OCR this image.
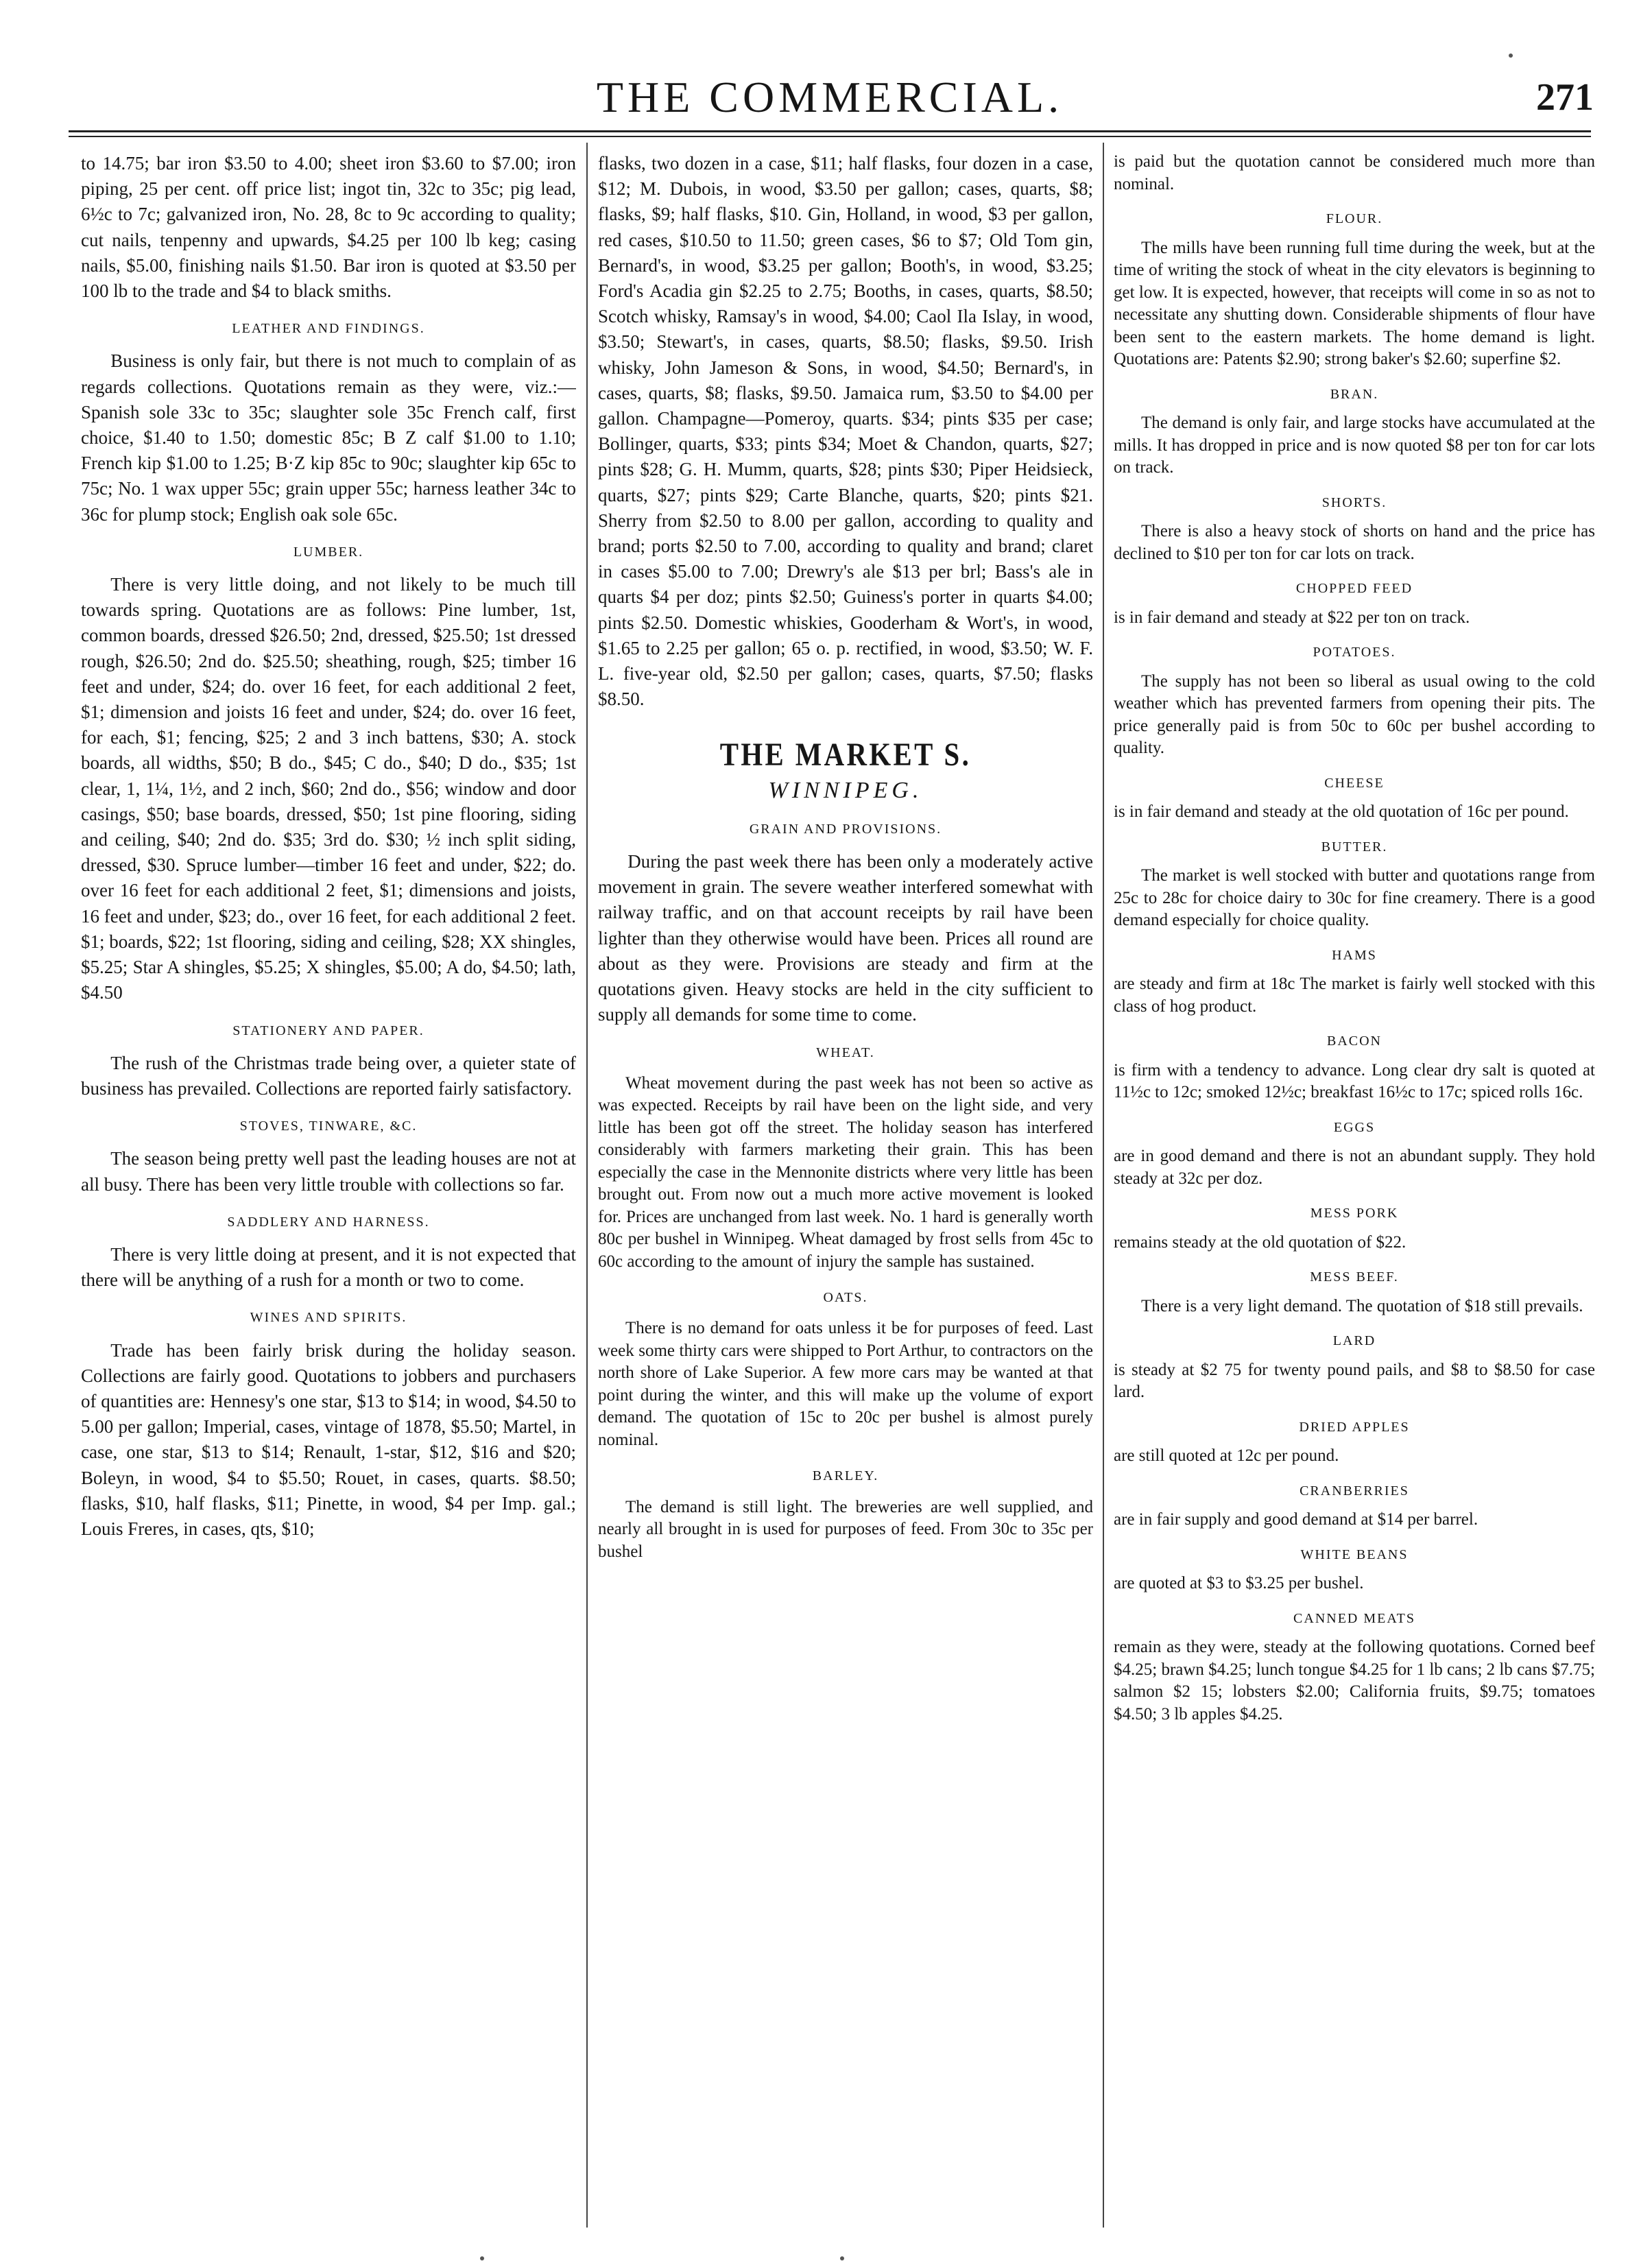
THE COMMERCIAL.	271

to 14.75; bar iron $3.50 to 4.00; sheet iron $3.60 to $7.00; iron piping, 25 per cent. off price list; ingot tin, 32c to 35c; pig lead, 6½c to 7c; galvanized iron, No. 28, 8c to 9c according to quality; cut nails, tenpenny and upwards, $4.25 per 100 lb keg; casing nails, $5.00, finishing nails $1.50. Bar iron is quoted at $3.50 per 100 lb to the trade and $4 to black smiths.

LEATHER AND FINDINGS.

Business is only fair, but there is not much to complain of as regards collections. Quotations remain as they were, viz.:—Spanish sole 33c to 35c; slaughter sole 35c French calf, first choice, $1.40 to 1.50; domestic 85c; B Z calf $1.00 to 1.10; French kip $1.00 to 1.25; B·Z kip 85c to 90c; slaughter kip 65c to 75c; No. 1 wax upper 55c; grain upper 55c; harness leather 34c to 36c for plump stock; English oak sole 65c.

LUMBER.

There is very little doing, and not likely to be much till towards spring. Quotations are as follows: Pine lumber, 1st, common boards, dressed $26.50; 2nd, dressed, $25.50; 1st dressed rough, $26.50; 2nd do. $25.50; sheathing, rough, $25; timber 16 feet and under, $24; do. over 16 feet, for each additional 2 feet, $1; dimension and joists 16 feet and under, $24; do. over 16 feet, for each, $1; fencing, $25; 2 and 3 inch battens, $30; A. stock boards, all widths, $50; B do., $45; C do., $40; D do., $35; 1st clear, 1, 1¼, 1½, and 2 inch, $60; 2nd do., $56; window and door casings, $50; base boards, dressed, $50; 1st pine flooring, siding and ceiling, $40; 2nd do. $35; 3rd do. $30; ½ inch split siding, dressed, $30. Spruce lumber—timber 16 feet and under, $22; do. over 16 feet for each additional 2 feet, $1; dimensions and joists, 16 feet and under, $23; do., over 16 feet, for each additional 2 feet. $1; boards, $22; 1st flooring, siding and ceiling, $28; XX shingles, $5.25; Star A shingles, $5.25; X shingles, $5.00; A do, $4.50; lath, $4.50

STATIONERY AND PAPER.

The rush of the Christmas trade being over, a quieter state of business has prevailed. Collections are reported fairly satisfactory.

STOVES, TINWARE, &C.

The season being pretty well past the leading houses are not at all busy. There has been very little trouble with collections so far.

SADDLERY AND HARNESS.

There is very little doing at present, and it is not expected that there will be anything of a rush for a month or two to come.

WINES AND SPIRITS.

Trade has been fairly brisk during the holiday season. Collections are fairly good. Quotations to jobbers and purchasers of quantities are: Hennesy's one star, $13 to $14; in wood, $4.50 to 5.00 per gallon; Imperial, cases, vintage of 1878, $5.50; Martel, in case, one star, $13 to $14; Renault, 1-star, $12, $16 and $20; Boleyn, in wood, $4 to $5.50; Rouet, in cases, quarts. $8.50; flasks, $10, half flasks, $11; Pinette, in wood, $4 per Imp. gal.; Louis Freres, in cases, qts, $10;

flasks, two dozen in a case, $11; half flasks, four dozen in a case, $12; M. Dubois, in wood, $3.50 per gallon; cases, quarts, $8; flasks, $9; half flasks, $10. Gin, Holland, in wood, $3 per gallon, red cases, $10.50 to 11.50; green cases, $6 to $7; Old Tom gin, Bernard's, in wood, $3.25 per gallon; Booth's, in wood, $3.25; Ford's Acadia gin $2.25 to 2.75; Booths, in cases, quarts, $8.50; Scotch whisky, Ramsay's in wood, $4.00; Caol Ila Islay, in wood, $3.50; Stewart's, in cases, quarts, $8.50; flasks, $9.50. Irish whisky, John Jameson & Sons, in wood, $4.50; Bernard's, in cases, quarts, $8; flasks, $9.50. Jamaica rum, $3.50 to $4.00 per gallon. Champagne—Pomeroy, quarts. $34; pints $35 per case; Bollinger, quarts, $33; pints $34; Moet & Chandon, quarts, $27; pints $28; G. H. Mumm, quarts, $28; pints $30; Piper Heidsieck, quarts, $27; pints $29; Carte Blanche, quarts, $20; pints $21. Sherry from $2.50 to 8.00 per gallon, according to quality and brand; ports $2.50 to 7.00, according to quality and brand; claret in cases $5.00 to 7.00; Drewry's ale $13 per brl; Bass's ale in quarts $4 per doz; pints $2.50; Guiness's porter in quarts $4.00; pints $2.50. Domestic whiskies, Gooderham & Wort's, in wood, $1.65 to 2.25 per gallon; 65 o. p. rectified, in wood, $3.50; W. F. L. five-year old, $2.50 per gallon; cases, quarts, $7.50; flasks $8.50.

THE MARKET S.
WINNIPEG.
GRAIN AND PROVISIONS.

During the past week there has been only a moderately active movement in grain. The severe weather interfered somewhat with railway traffic, and on that account receipts by rail have been lighter than they otherwise would have been. Prices all round are about as they were. Provisions are steady and firm at the quotations given. Heavy stocks are held in the city sufficient to supply all demands for some time to come.

WHEAT.

Wheat movement during the past week has not been so active as was expected. Receipts by rail have been on the light side, and very little has been got off the street. The holiday season has interfered considerably with farmers marketing their grain. This has been especially the case in the Mennonite districts where very little has been brought out. From now out a much more active movement is looked for. Prices are unchanged from last week. No. 1 hard is generally worth 80c per bushel in Winnipeg. Wheat damaged by frost sells from 45c to 60c according to the amount of injury the sample has sustained.

OATS.

There is no demand for oats unless it be for purposes of feed. Last week some thirty cars were shipped to Port Arthur, to contractors on the north shore of Lake Superior. A few more cars may be wanted at that point during the winter, and this will make up the volume of export demand. The quotation of 15c to 20c per bushel is almost purely nominal.

BARLEY.

The demand is still light. The breweries are well supplied, and nearly all brought in is used for purposes of feed. From 30c to 35c per bushel

is paid but the quotation cannot be considered much more than nominal.

FLOUR.

The mills have been running full time during the week, but at the time of writing the stock of wheat in the city elevators is beginning to get low. It is expected, however, that receipts will come in so as not to necessitate any shutting down. Considerable shipments of flour have been sent to the eastern markets. The home demand is light. Quotations are: Patents $2.90; strong baker's $2.60; superfine $2.

BRAN.

The demand is only fair, and large stocks have accumulated at the mills. It has dropped in price and is now quoted $8 per ton for car lots on track.

SHORTS.

There is also a heavy stock of shorts on hand and the price has declined to $10 per ton for car lots on track.

CHOPPED FEED

is in fair demand and steady at $22 per ton on track.

POTATOES.

The supply has not been so liberal as usual owing to the cold weather which has prevented farmers from opening their pits. The price generally paid is from 50c to 60c per bushel according to quality.

CHEESE

is in fair demand and steady at the old quotation of 16c per pound.

BUTTER.

The market is well stocked with butter and quotations range from 25c to 28c for choice dairy to 30c for fine creamery. There is a good demand especially for choice quality.

HAMS

are steady and firm at 18c The market is fairly well stocked with this class of hog product.

BACON

is firm with a tendency to advance. Long clear dry salt is quoted at 11½c to 12c; smoked 12½c; breakfast 16½c to 17c; spiced rolls 16c.

EGGS

are in good demand and there is not an abundant supply. They hold steady at 32c per doz.

MESS PORK

remains steady at the old quotation of $22.

MESS BEEF.

There is a very light demand. The quotation of $18 still prevails.

LARD

is steady at $2 75 for twenty pound pails, and $8 to $8.50 for case lard.

DRIED APPLES

are still quoted at 12c per pound.

CRANBERRIES

are in fair supply and good demand at $14 per barrel.

WHITE BEANS

are quoted at $3 to $3.25 per bushel.

CANNED MEATS

remain as they were, steady at the following quotations. Corned beef $4.25; brawn $4.25; lunch tongue $4.25 for 1 lb cans; 2 lb cans $7.75; salmon $2 15; lobsters $2.00; California fruits, $9.75; tomatoes $4.50; 3 lb apples $4.25.
